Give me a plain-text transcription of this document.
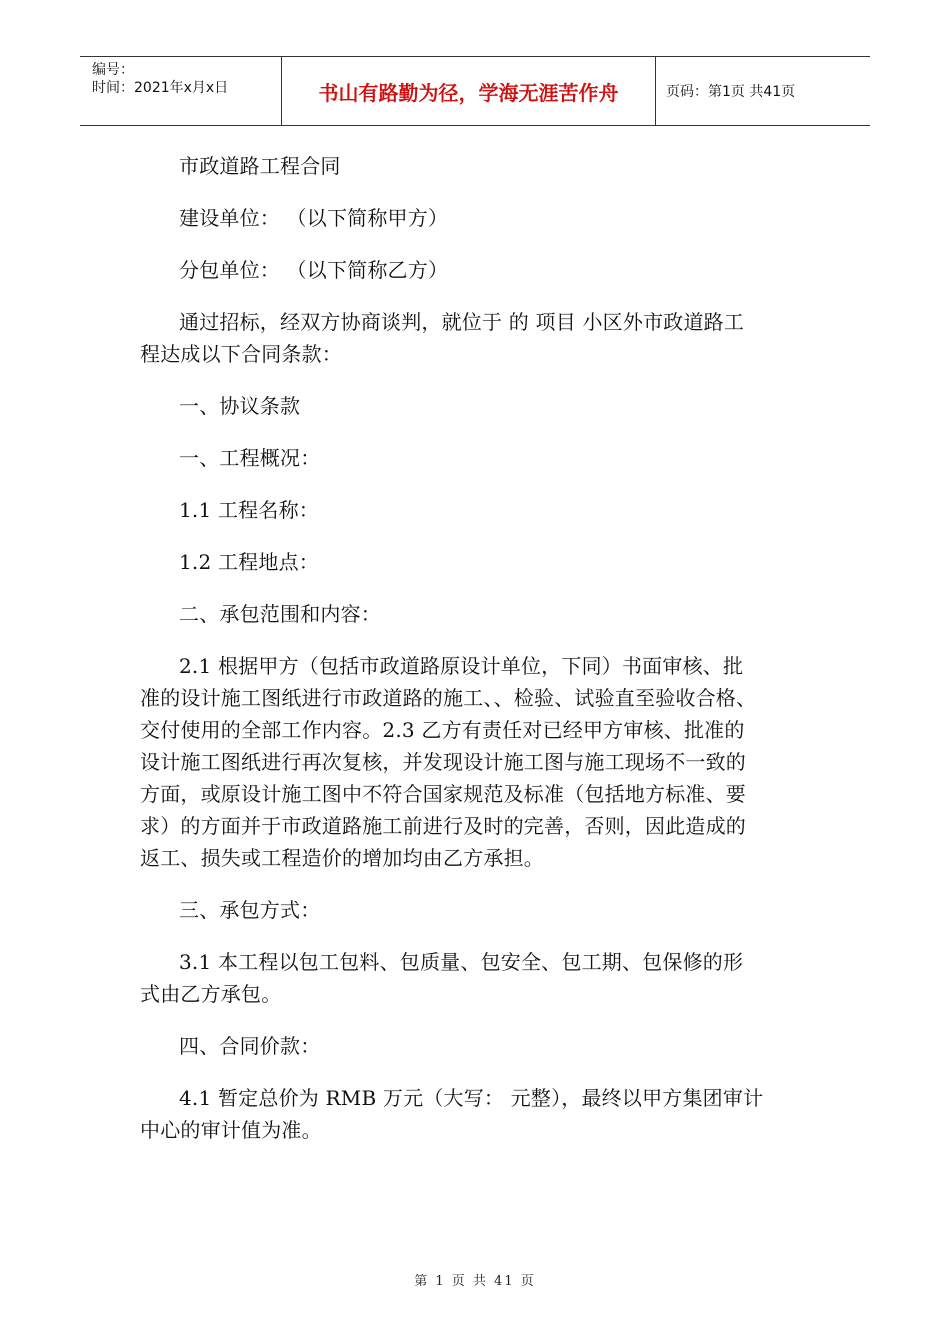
编号：
时间：2021年x月x日	书山有路勤为径，学海无涯苦作舟	页码：第1页 共41页
市政道路工程合同
建设单位： （以下简称甲方）
分包单位： （以下简称乙方）
通过招标，经双方协商谈判，就位于 的 项目 小区外市政道路工
程达成以下合同条款：
一、协议条款
一、工程概况：
1.1 工程名称：
1.2 工程地点：
二、承包范围和内容：
2.1 根据甲方（包括市政道路原设计单位，下同）书面审核、批
准的设计施工图纸进行市政道路的施工、、检验、试验直至验收合格、
交付使用的全部工作内容。2.3 乙方有责任对已经甲方审核、批准的
设计施工图纸进行再次复核，并发现设计施工图与施工现场不一致的
方面，或原设计施工图中不符合国家规范及标准（包括地方标准、要
求）的方面并于市政道路施工前进行及时的完善，否则，因此造成的
返工、损失或工程造价的增加均由乙方承担。
三、承包方式：
3.1 本工程以包工包料、包质量、包安全、包工期、包保修的形
式由乙方承包。
四、合同价款：
4.1 暂定总价为 RMB 万元（大写： 元整），最终以甲方集团审计
中心的审计值为准。
第 1 页 共 41 页
